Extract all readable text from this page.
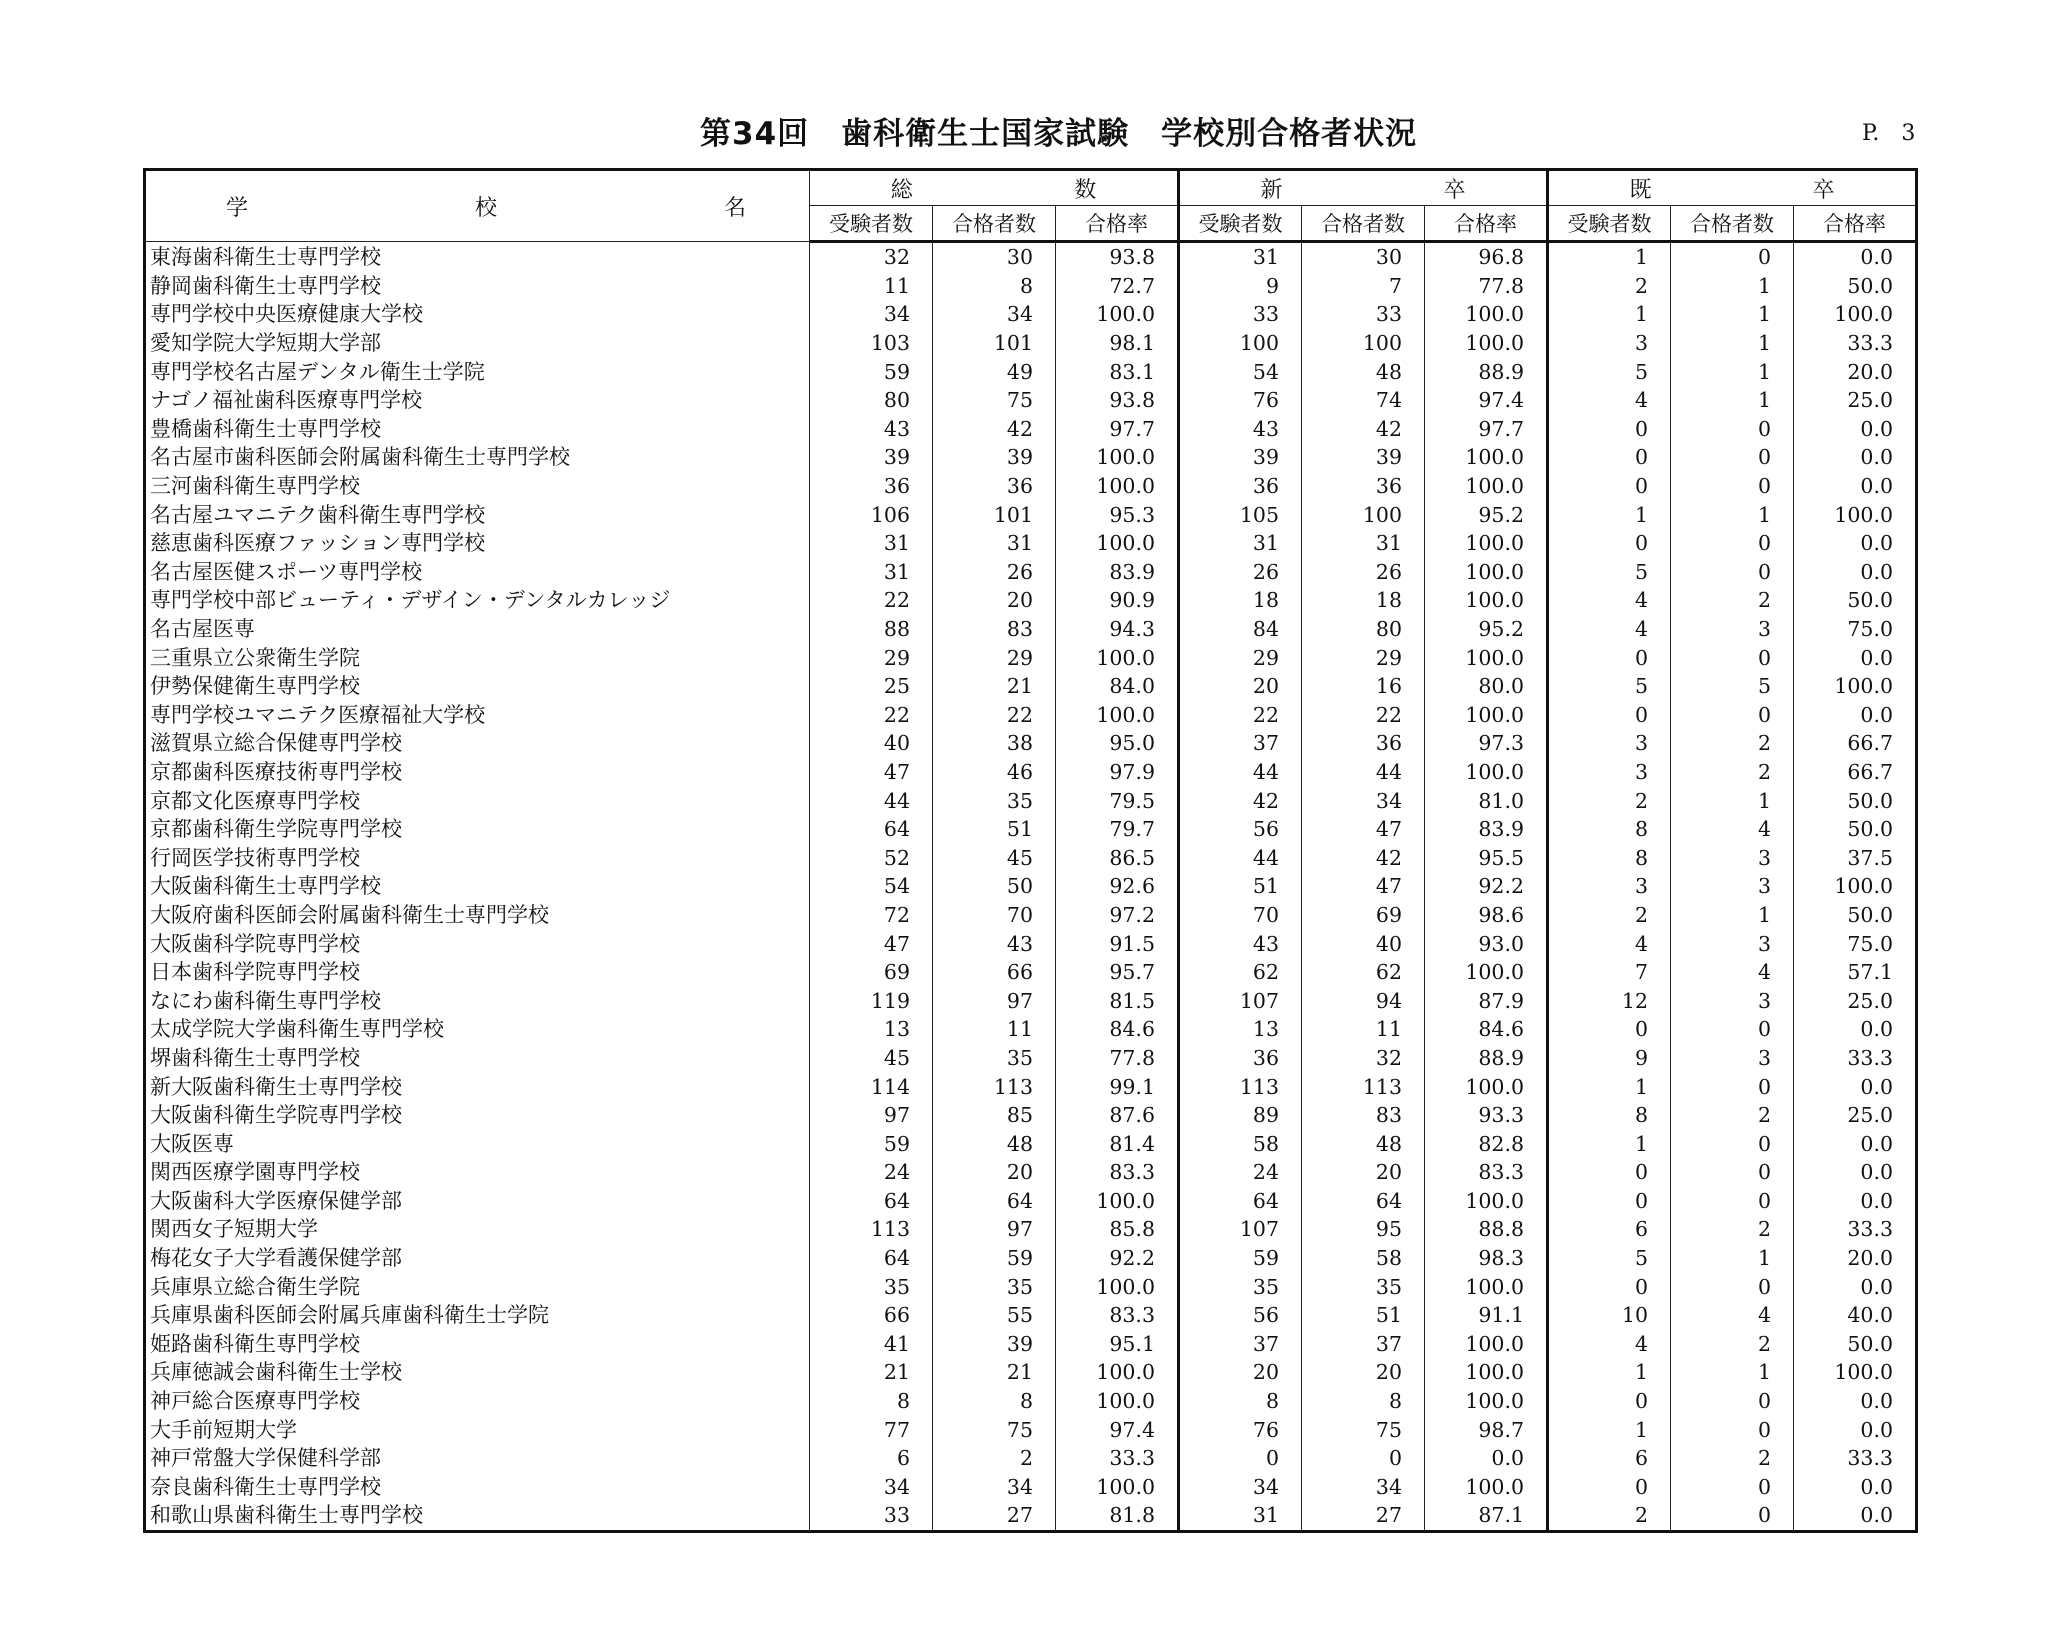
第34回　歯科衛生士国家試験　学校別合格者状況	P.　3
学 校 名	総 数			新 卒			既 卒		

	受験者数	合格者数	合格率	受験者数	合格者数	合格率	受験者数	合格者数	合格率
東海歯科衛生士専門学校	32	30	93.8	31	30	96.8	1	0	0.0
静岡歯科衛生士専門学校	11	8	72.7	9	7	77.8	2	1	50.0
専門学校中央医療健康大学校	34	34	100.0	33	33	100.0	1	1	100.0
愛知学院大学短期大学部	103	101	98.1	100	100	100.0	3	1	33.3
専門学校名古屋デンタル衛生士学院	59	49	83.1	54	48	88.9	5	1	20.0
ナゴノ福祉歯科医療専門学校	80	75	93.8	76	74	97.4	4	1	25.0
豊橋歯科衛生士専門学校	43	42	97.7	43	42	97.7	0	0	0.0
名古屋市歯科医師会附属歯科衛生士専門学校	39	39	100.0	39	39	100.0	0	0	0.0
三河歯科衛生専門学校	36	36	100.0	36	36	100.0	0	0	0.0
名古屋ユマニテク歯科衛生専門学校	106	101	95.3	105	100	95.2	1	1	100.0
慈恵歯科医療ファッション専門学校	31	31	100.0	31	31	100.0	0	0	0.0
名古屋医健スポーツ専門学校	31	26	83.9	26	26	100.0	5	0	0.0
専門学校中部ビューティ・デザイン・デンタルカレッジ	22	20	90.9	18	18	100.0	4	2	50.0
名古屋医専	88	83	94.3	84	80	95.2	4	3	75.0
三重県立公衆衛生学院	29	29	100.0	29	29	100.0	0	0	0.0
伊勢保健衛生専門学校	25	21	84.0	20	16	80.0	5	5	100.0
専門学校ユマニテク医療福祉大学校	22	22	100.0	22	22	100.0	0	0	0.0
滋賀県立総合保健専門学校	40	38	95.0	37	36	97.3	3	2	66.7
京都歯科医療技術専門学校	47	46	97.9	44	44	100.0	3	2	66.7
京都文化医療専門学校	44	35	79.5	42	34	81.0	2	1	50.0
京都歯科衛生学院専門学校	64	51	79.7	56	47	83.9	8	4	50.0
行岡医学技術専門学校	52	45	86.5	44	42	95.5	8	3	37.5
大阪歯科衛生士専門学校	54	50	92.6	51	47	92.2	3	3	100.0
大阪府歯科医師会附属歯科衛生士専門学校	72	70	97.2	70	69	98.6	2	1	50.0
大阪歯科学院専門学校	47	43	91.5	43	40	93.0	4	3	75.0
日本歯科学院専門学校	69	66	95.7	62	62	100.0	7	4	57.1
なにわ歯科衛生専門学校	119	97	81.5	107	94	87.9	12	3	25.0
太成学院大学歯科衛生専門学校	13	11	84.6	13	11	84.6	0	0	0.0
堺歯科衛生士専門学校	45	35	77.8	36	32	88.9	9	3	33.3
新大阪歯科衛生士専門学校	114	113	99.1	113	113	100.0	1	0	0.0
大阪歯科衛生学院専門学校	97	85	87.6	89	83	93.3	8	2	25.0
大阪医専	59	48	81.4	58	48	82.8	1	0	0.0
関西医療学園専門学校	24	20	83.3	24	20	83.3	0	0	0.0
大阪歯科大学医療保健学部	64	64	100.0	64	64	100.0	0	0	0.0
関西女子短期大学	113	97	85.8	107	95	88.8	6	2	33.3
梅花女子大学看護保健学部	64	59	92.2	59	58	98.3	5	1	20.0
兵庫県立総合衛生学院	35	35	100.0	35	35	100.0	0	0	0.0
兵庫県歯科医師会附属兵庫歯科衛生士学院	66	55	83.3	56	51	91.1	10	4	40.0
姫路歯科衛生専門学校	41	39	95.1	37	37	100.0	4	2	50.0
兵庫徳誠会歯科衛生士学校	21	21	100.0	20	20	100.0	1	1	100.0
神戸総合医療専門学校	8	8	100.0	8	8	100.0	0	0	0.0
大手前短期大学	77	75	97.4	76	75	98.7	1	0	0.0
神戸常盤大学保健科学部	6	2	33.3	0	0	0.0	6	2	33.3
奈良歯科衛生士専門学校	34	34	100.0	34	34	100.0	0	0	0.0
和歌山県歯科衛生士専門学校	33	27	81.8	31	27	87.1	2	0	0.0
